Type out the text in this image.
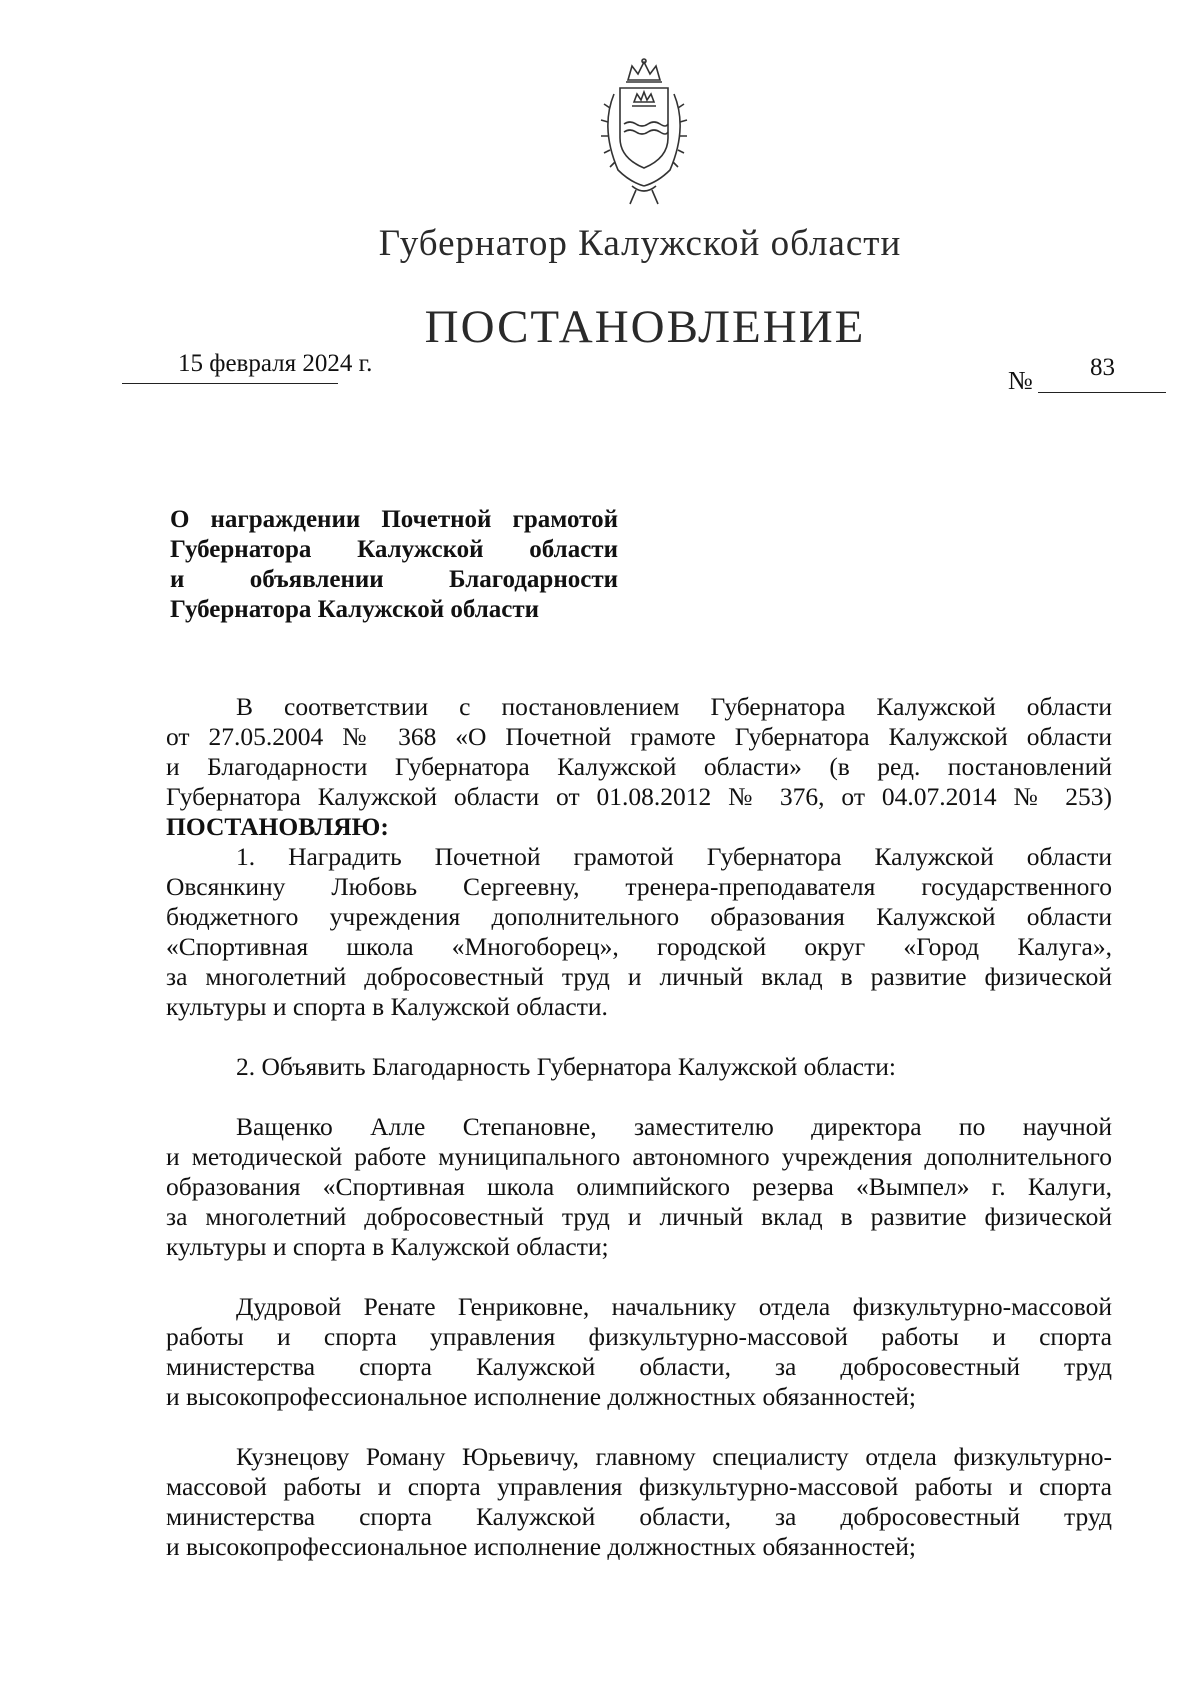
Губернатор Калужской области
ПОСТАНОВЛЕНИЕ
15 февраля 2024 г.
№ 83
О награждении Почетной грамотой
Губернатора Калужской области
и объявлении Благодарности
Губернатора Калужской области
В соответствии с постановлением Губернатора Калужской области
от 27.05.2004 № 368 «О Почетной грамоте Губернатора Калужской области
и Благодарности Губернатора Калужской области» (в ред. постановлений
Губернатора Калужской области от 01.08.2012 № 376, от 04.07.2014 № 253)
ПОСТАНОВЛЯЮ:
1. Наградить Почетной грамотой Губернатора Калужской области
Овсянкину Любовь Сергеевну, тренера-преподавателя государственного
бюджетного учреждения дополнительного образования Калужской области
«Спортивная школа «Многоборец», городской округ «Город Калуга»,
за многолетний добросовестный труд и личный вклад в развитие физической
культуры и спорта в Калужской области.
2. Объявить Благодарность Губернатора Калужской области:
Ващенко Алле Степановне, заместителю директора по научной
и методической работе муниципального автономного учреждения дополнительного
образования «Спортивная школа олимпийского резерва «Вымпел» г. Калуги,
за многолетний добросовестный труд и личный вклад в развитие физической
культуры и спорта в Калужской области;
Дудровой Ренате Генриковне, начальнику отдела физкультурно-массовой
работы и спорта управления физкультурно-массовой работы и спорта
министерства спорта Калужской области, за добросовестный труд
и высокопрофессиональное исполнение должностных обязанностей;
Кузнецову Роману Юрьевичу, главному специалисту отдела физкультурно-
массовой работы и спорта управления физкультурно-массовой работы и спорта
министерства спорта Калужской области, за добросовестный труд
и высокопрофессиональное исполнение должностных обязанностей;
